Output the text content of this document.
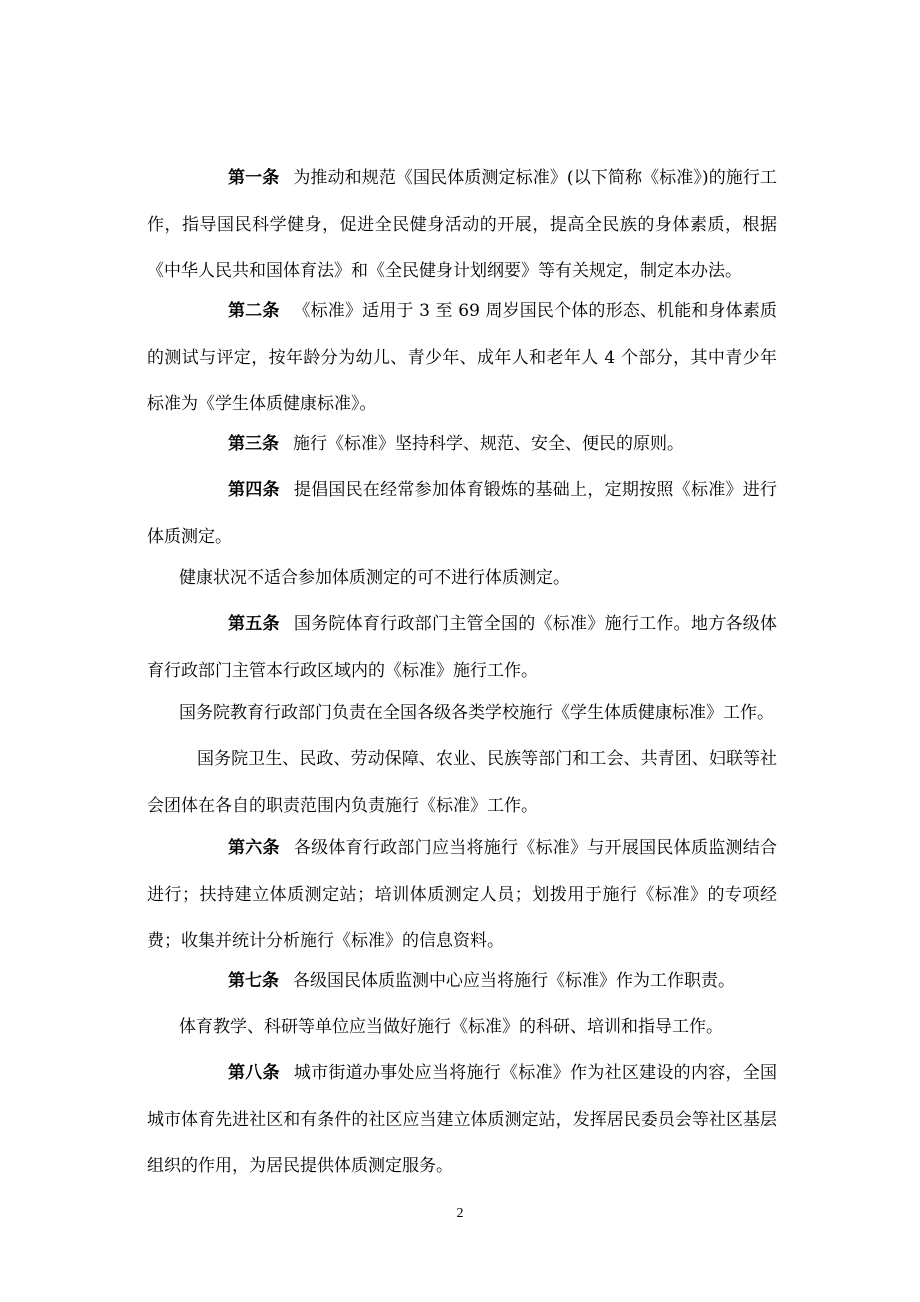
第一条 为推动和规范《国民体质测定标准》(以下简称《标准》)的施行工作，指导国民科学健身，促进全民健身活动的开展，提高全民族的身体素质，根据《中华人民共和国体育法》和《全民健身计划纲要》等有关规定，制定本办法。

第二条 《标准》适用于 3 至 69 周岁国民个体的形态、机能和身体素质的测试与评定，按年龄分为幼儿、青少年、成年人和老年人 4 个部分，其中青少年标准为《学生体质健康标准》。

第三条 施行《标准》坚持科学、规范、安全、便民的原则。

第四条 提倡国民在经常参加体育锻炼的基础上，定期按照《标准》进行体质测定。

健康状况不适合参加体质测定的可不进行体质测定。

第五条 国务院体育行政部门主管全国的《标准》施行工作。地方各级体育行政部门主管本行政区域内的《标准》施行工作。

国务院教育行政部门负责在全国各级各类学校施行《学生体质健康标准》工作。

国务院卫生、民政、劳动保障、农业、民族等部门和工会、共青团、妇联等社会团体在各自的职责范围内负责施行《标准》工作。

第六条 各级体育行政部门应当将施行《标准》与开展国民体质监测结合进行；扶持建立体质测定站；培训体质测定人员；划拨用于施行《标准》的专项经费；收集并统计分析施行《标准》的信息资料。

第七条 各级国民体质监测中心应当将施行《标准》作为工作职责。

体育教学、科研等单位应当做好施行《标准》的科研、培训和指导工作。

第八条 城市街道办事处应当将施行《标准》作为社区建设的内容，全国城市体育先进社区和有条件的社区应当建立体质测定站，发挥居民委员会等社区基层组织的作用，为居民提供体质测定服务。

2
